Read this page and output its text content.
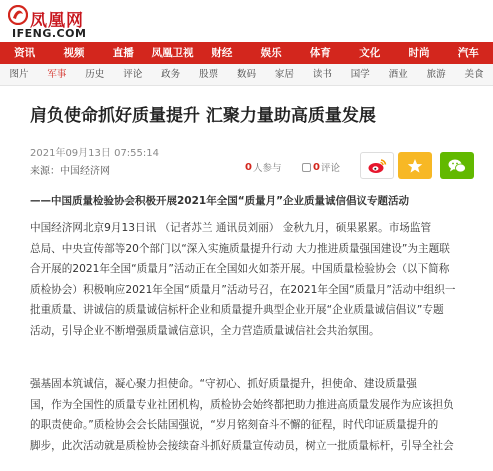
凤凰网
IFENG.COM
资讯	视频	直播	凤凰卫视	财经	娱乐	体育	文化	时尚	汽车
图片	军事	历史	评论	政务	股票	数码	家居	读书	国学	酒业	旅游	美食
肩负使命抓好质量提升 汇聚力量助高质量发展
2021年09月13日 07:55:14
来源：中国经济网	0 人参与	0 评论
——中国质量检验协会积极开展2021年全国“质量月”企业质量诚信倡议专题活动
中国经济网北京9月13日讯 （记者苏兰 通讯员刘丽） 金秋九月，硕果累累。市场监管
总局、中央宣传部等20个部门以“深入实施质量提升行动 大力推进质量强国建设”为主题联
合开展的2021年全国“质量月”活动正在全国如火如荼开展。中国质量检验协会（以下简称
质检协会）积极响应2021年全国“质量月”活动号召，在2021年全国“质量月”活动中组织一
批重质量、讲诚信的质量诚信标杆企业和质量提升典型企业开展“企业质量诚信倡议”专题
活动，引导企业不断增强质量诚信意识，全力营造质量诚信社会共治氛围。
强基固本筑诚信，凝心聚力担使命。“守初心、抓好质量提升，担使命、建设质量强
国，作为全国性的质量专业社团机构，质检协会始终都把助力推进高质量发展作为应该担负
的职责使命。”质检协会会长陆国强说，“岁月铭刻奋斗不懈的征程，时代印证质量提升的
脚步，此次活动就是质检协会接续奋斗抓好质量宣传动员，树立一批质量标杆，引导全社会
